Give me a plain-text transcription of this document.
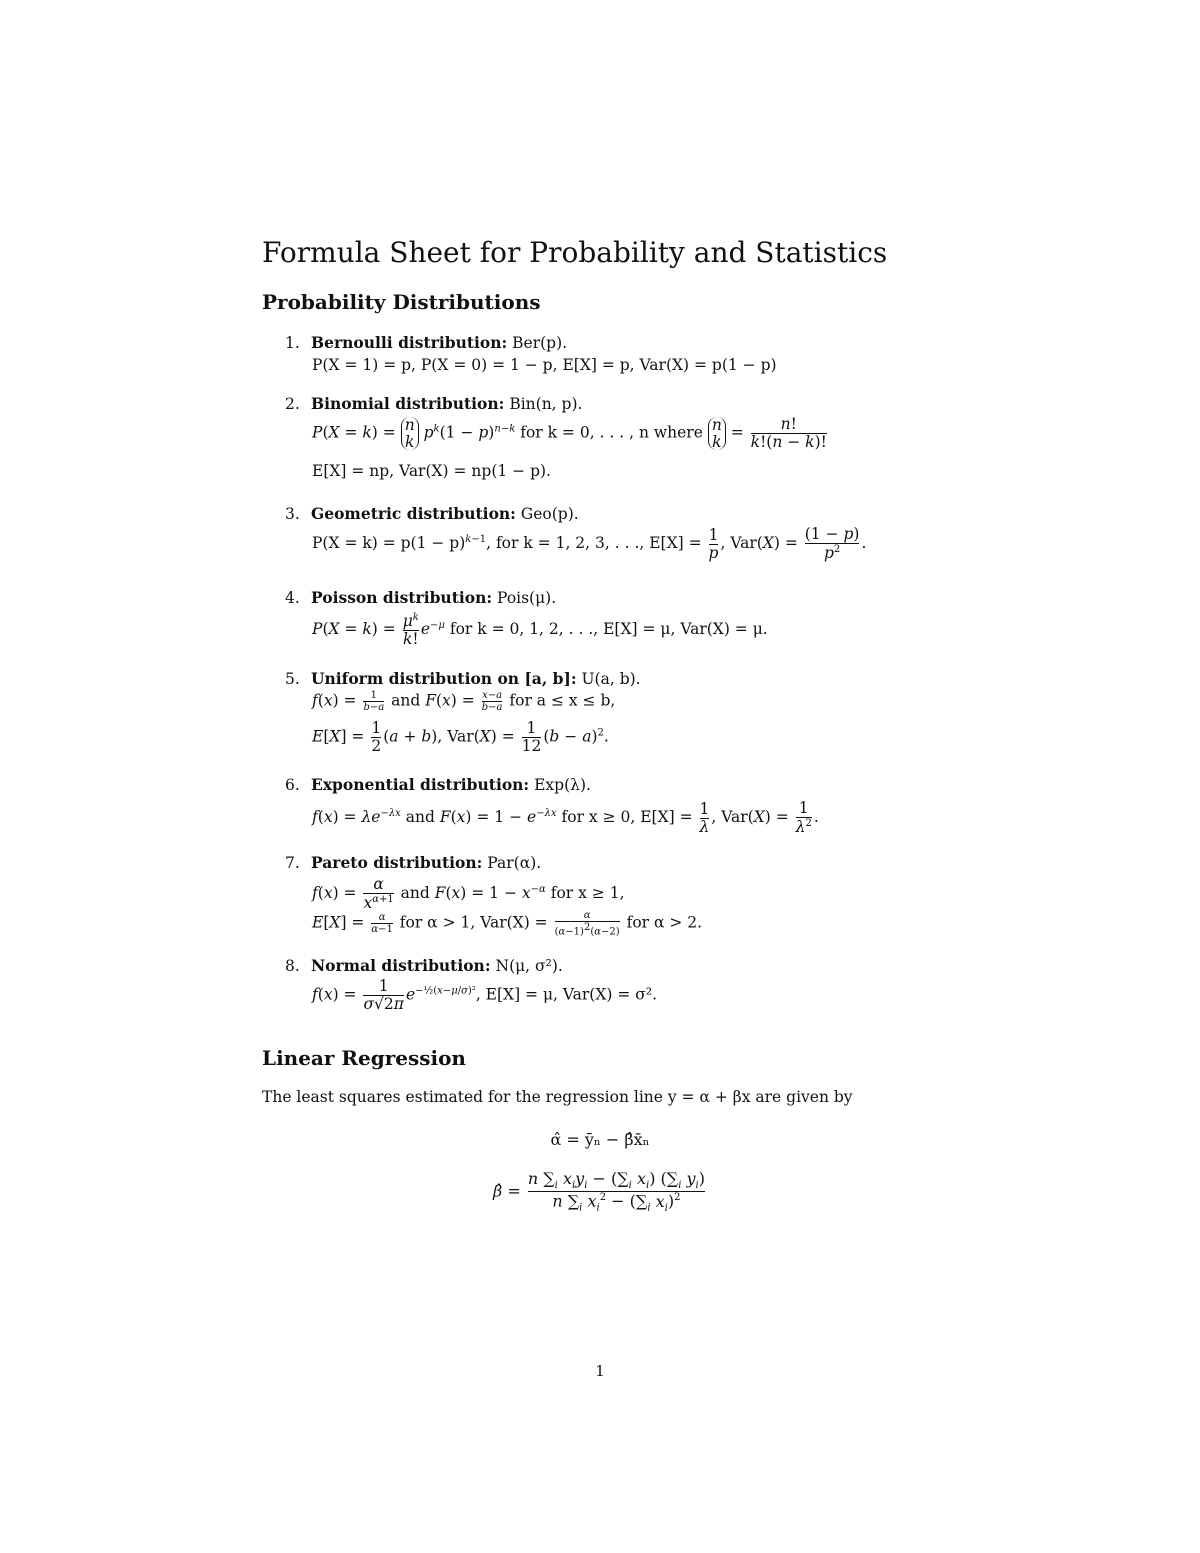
Formula Sheet for Probability and Statistics
Probability Distributions
1. Bernoulli distribution: Ber(p).
P(X = 1) = p, P(X = 0) = 1 − p, E[X] = p, Var(X) = p(1 − p)
2. Binomial distribution: Bin(n, p).
P(X = k) = n
k $p^k(1 - p)^{n-k}$ for k = 0, . . . , n where n
$k = \frac{n!}{k!(n - k)!}$
E[X] = np, Var(X) = np(1 − p).
3. Geometric distribution: Geo(p).
$P(X = k) = p(1 - p)^{k-1}$, for k = 1, 2, 3, . . ., $E[X] = \frac{1}{p}$ , $Var(X) = \frac{(1 - p)}{p^2}$ .
4. Poisson distribution: Pois(μ).
$P(X = k) = \frac{\mu^k}{k!} e^{-\mu}$ for k = 0, 1, 2, . . ., E[X] = μ, Var(X) = μ.
5. Uniform distribution on [a, b]: U(a, b).
$f(x) = \frac{1}{b-a}$ and $F(x) = \frac{x-a}{b-a}$ for a ≤ x ≤ b,
$E[X] = \frac{1}{2} (a + b)$, $Var(X) = \frac{1}{12} (b - a)^2$.
6. Exponential distribution: Exp(λ).
$f(x) = \lambda e^{-\lambda x}$ and $F(x) = 1 - e^{-\lambda x}$ for x ≥ 0, $E[X] = \frac{1}{\lambda}$ , $Var(X) = \frac{1}{\lambda^2}$ .
7. Pareto distribution: Par(α).
$f(x) = \frac{\alpha}{x^{\alpha+1}}$ and $F(x) = 1 - x^{-\alpha}$ for x ≥ 1,
$E[X] = \frac{\alpha}{\alpha-1}$ for α > 1, $Var(X) = \frac{\alpha}{(\alpha-1)^2(\alpha-2)}$ for α > 2.
8. Normal distribution: N(μ, σ²).
$f(x) = \frac{1}{\sigma√2\pi} e^{-\frac{1}{2}(x-\mu/\sigma)^2}$, E[X] = μ, Var(X) = σ².
Linear Regression
The least squares estimated for the regression line y = α + βx are given by
α̂ = ȳₙ − β̂x̄ₙ
β̂ = $\frac{n \sum_i x_iy_i - (\sum_i x_i) (\sum_i y_i)}{n \sum_i x_i^2 - (\sum_i x_i)^2}$
1
